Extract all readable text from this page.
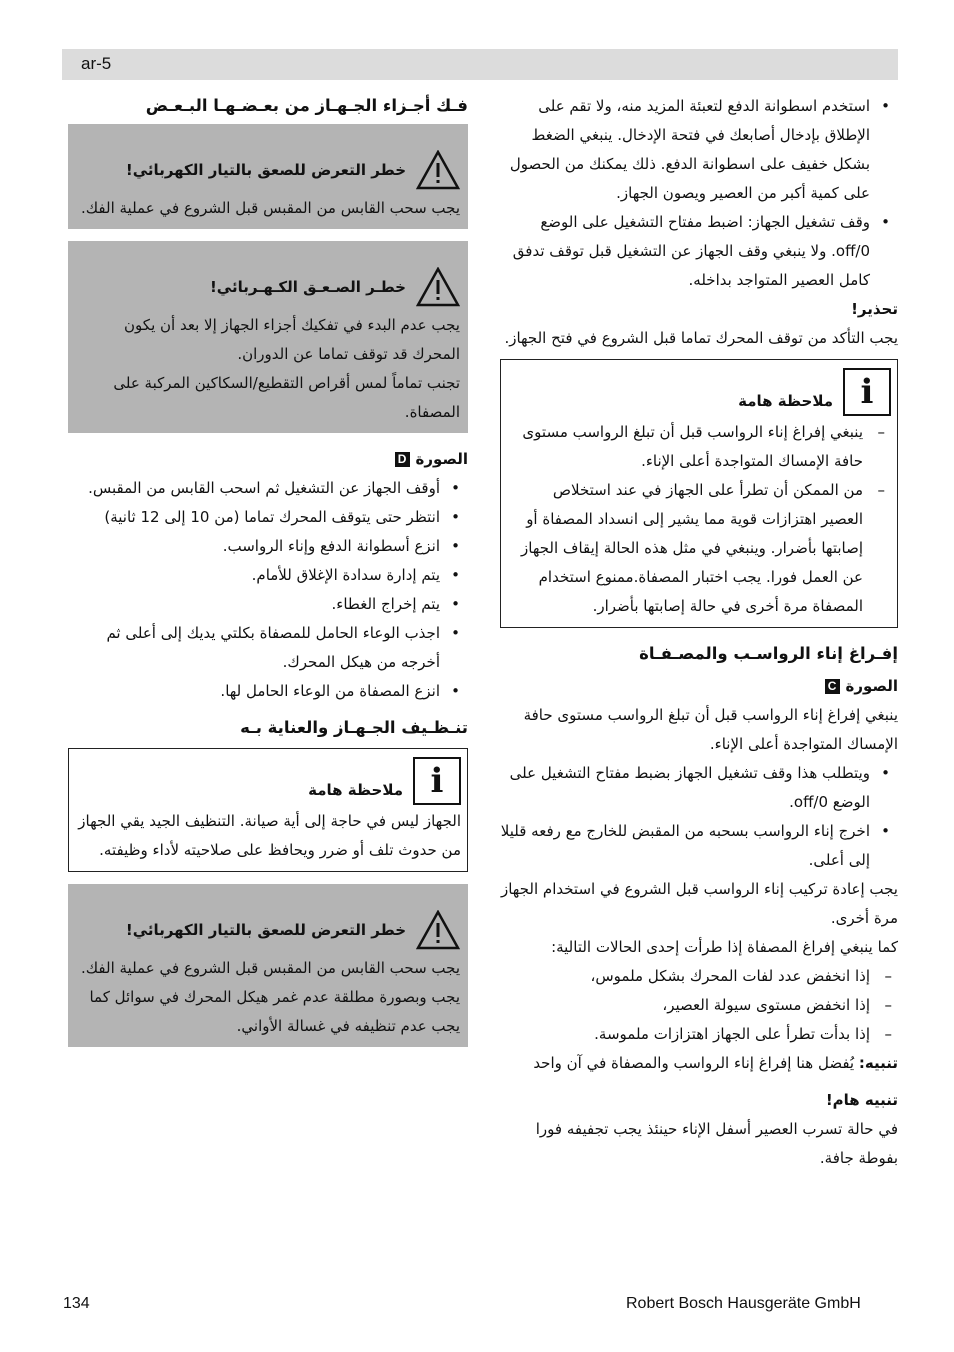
ar-5
فـك أجـزاء الجـهـاز من بعـضـهـا البـعـض
خطر التعرض للصعق بالتيار الكهربائي!

يجب سحب القابس من المقبس قبل الشروع في عملية الفك.

خطـر الصـعـق الكـهـربائي!

يجب عدم البدء في تفكيك أجزاء الجهاز إلا بعد أن يكون المحرك قد توقف تماما عن الدوران.

تجنب تماماً لمس أقراص التقطيع/السكاكين المركبة على المصفاة.

الصورة
D
• أوقف الجهاز عن التشغيل ثم اسحب القابس من المقبس.
• انتظر حتى يتوقف المحرك تماما (من 10 إلى 12 ثانية)
• انزع أسطوانة الدفع وإناء الرواسب.
• يتم إدارة سدادة الإغلاق للأمام.
• يتم إخراج الغطاء.
• اجذب الوعاء الحامل للمصفاة بكلتي يديك إلى أعلى ثم أخرجه من هيكل المحرك.
• انزع المصفاة من الوعاء الحامل لها.
تنـظـيف الجـهـاز والعناية بـه
i
ملاحظة هامة

الجهاز ليس في حاجة إلى أية صيانة. التنظيف الجيد يقي الجهاز من حدوث تلف أو ضرر ويحافظ على صلاحيته لأداء وظيفته.

خطر التعرض للصعق بالتيار الكهربائي!

يجب سحب القابس من المقبس قبل الشروع في عملية الفك. يجب وبصورة مطلقة عدم غمر هيكل المحرك في سوائل كما يجب عدم تنظيفه في غسالة الأواني.

• استخدم اسطوانة الدفع لتعبئة المزيد منه، ولا تقم على الإطلاق بإدخال أصابعك في فتحة الإدخال. ينبغي الضغط بشكل خفيف على اسطوانة الدفع. ذلك يمكنك من الحصول على كمية أكبر من العصير ويصون الجهاز.
• وقف تشغيل الجهاز: اضبط مفتاح التشغيل على الوضع off/0. ولا ينبغي وقف الجهاز عن التشغيل قبل توقف تدفق كامل العصير المتواجد بداخله.
تحذير!

يجب التأكد من توقف المحرك تماما قبل الشروع في فتح الجهاز.

i
ملاحظة هامة
– ينبغي إفراغ إناء الرواسب قبل أن تبلغ الرواسب مستوى حافة الإمساك المتواجدة أعلى الإناء.
– من الممكن أن تطرأ على الجهاز في عند استخلاص العصير اهتزازات قوية مما يشير إلى انسداد المصفاة أو إصابتها بأضرار. وينبغي في مثل هذه الحالة إيقاف الجهاز عن العمل فورا. يجب اختبار المصفاة.ممنوع استخدام المصفاة مرة أخرى في حالة إصابتها بأضرار.
إفـراغ إناء الرواسـب والمصـفـاة
الصورة
C

ينبغي إفراغ إناء الرواسب قبل أن تبلغ الرواسب مستوى حافة الإمساك المتواجدة أعلى الإناء.

• ويتطلب هذا وقف تشغيل الجهاز بضبط مفتاح التشغيل على الوضع off/0.
• اخرج إناء الرواسب بسحبه من المقبض للخارج مع رفعه قليلا إلى أعلى.

يجب إعادة تركيب إناء الرواسب قبل الشروع في استخدام الجهاز مرة أخرى.

كما ينبغي إفراغ المصفاة إذا طرأت إحدى الحالات التالية:

– إذا انخفض عدد لفات المحرك بشكل ملموس،
– إذا انخفض مستوى سيولة العصير،
– إذا بدأت تطرأ على الجهاز اهتزازات ملموسة.

تنبيه: يُفضل هنا إفراغ إناء الرواسب والمصفاة في آن واحد

تنبيه هام!

في حالة تسرب العصير أسفل الإناء حينئذ يجب تجفيفه فورا بفوطة جافة.

134	Robert Bosch Hausgeräte GmbH
